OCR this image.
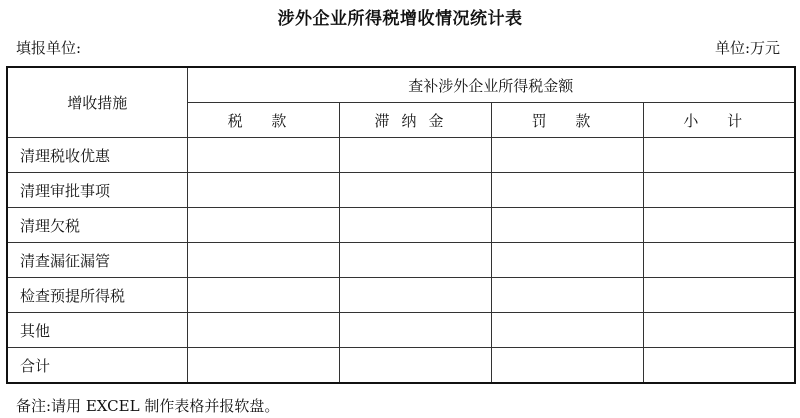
涉外企业所得税增收情况统计表
填报单位:	单位:万元
增收措施	查补涉外企业所得税金额			
	税 款	滞纳金	罚 款	小 计
清理税收优惠				
清理审批事项				
清理欠税				
清查漏征漏管				
检查预提所得税				
其他				
合计				
备注:请用 EXCEL 制作表格并报软盘。
